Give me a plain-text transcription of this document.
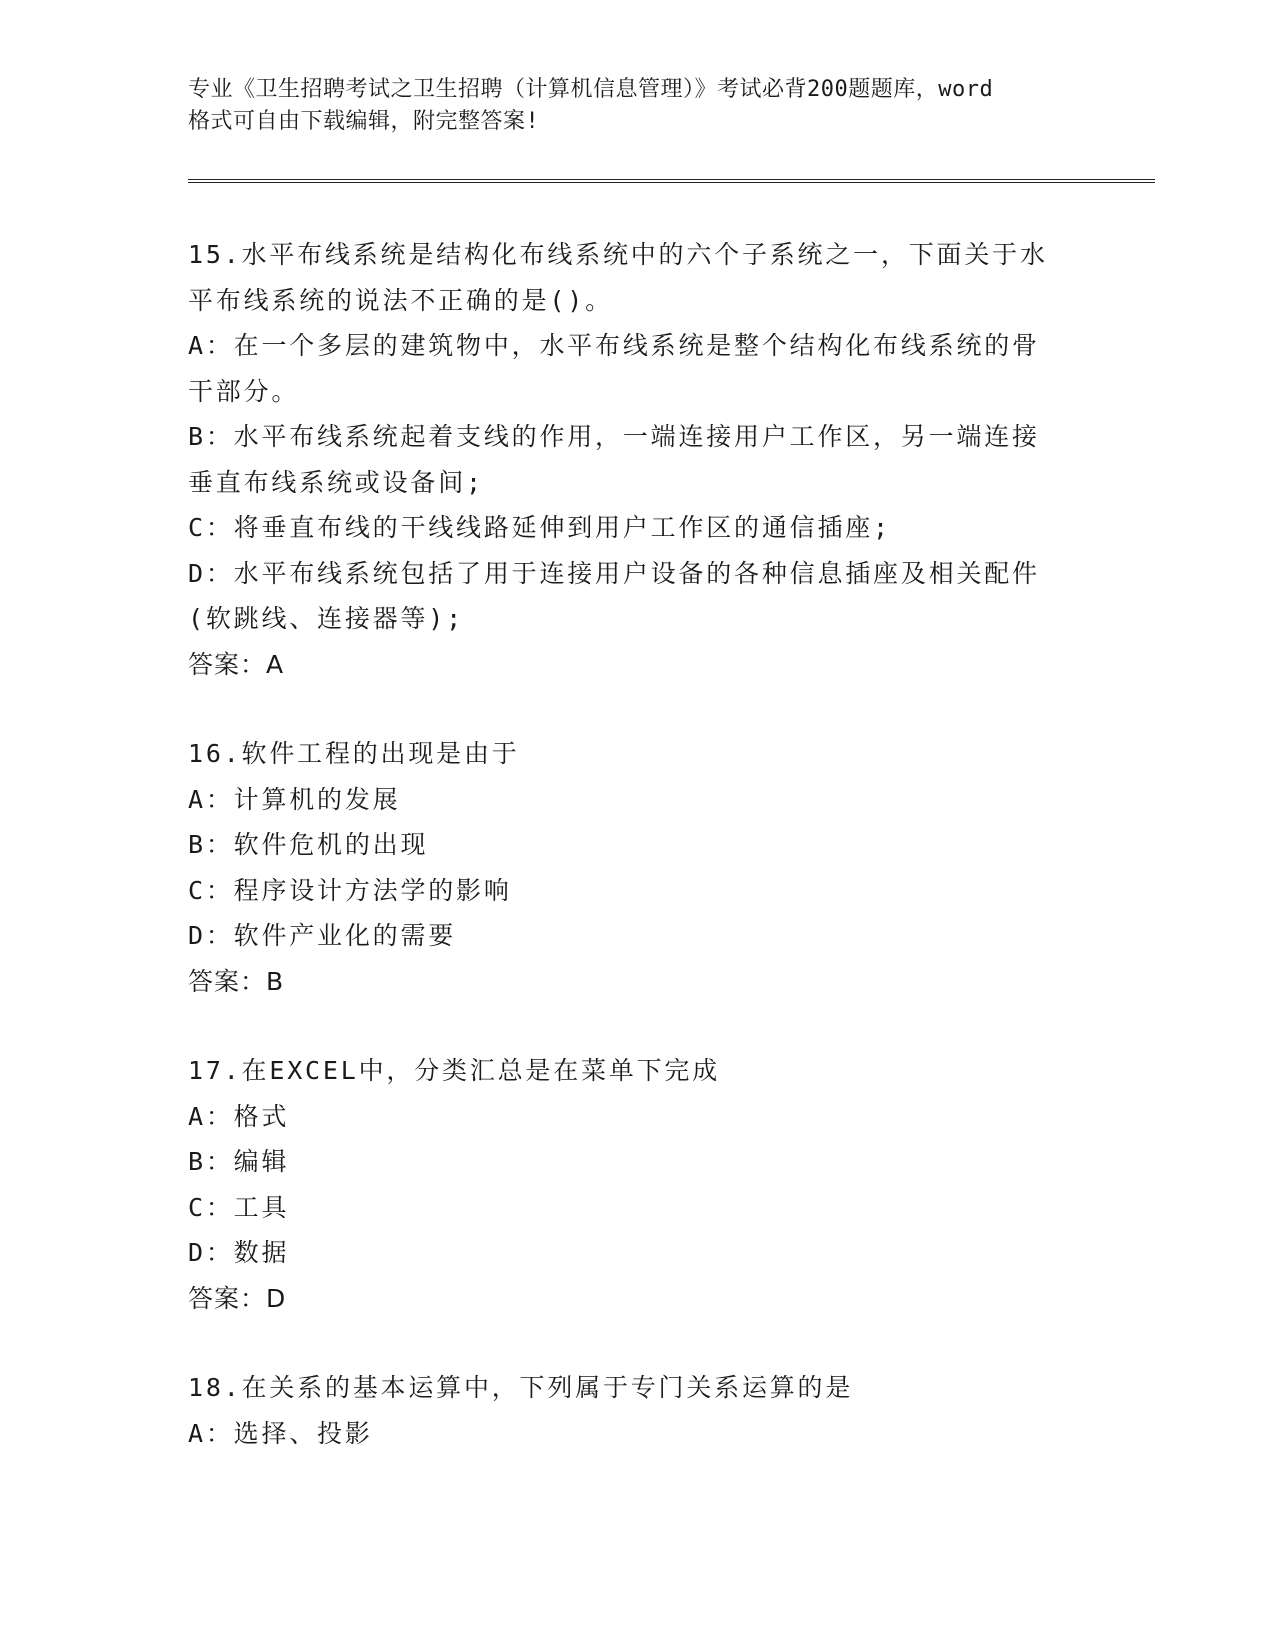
专业《卫生招聘考试之卫生招聘（计算机信息管理）》考试必背200题题库，word
格式可自由下载编辑，附完整答案!
15.水平布线系统是结构化布线系统中的六个子系统之一，下面关于水
平布线系统的说法不正确的是()。
A：在一个多层的建筑物中，水平布线系统是整个结构化布线系统的骨
干部分。
B：水平布线系统起着支线的作用，一端连接用户工作区，另一端连接
垂直布线系统或设备间;
C：将垂直布线的干线线路延伸到用户工作区的通信插座;
D：水平布线系统包括了用于连接用户设备的各种信息插座及相关配件
(软跳线、连接器等);
答案：A
16.软件工程的出现是由于
A：计算机的发展
B：软件危机的出现
C：程序设计方法学的影响
D：软件产业化的需要
答案：B
17.在EXCEL中，分类汇总是在菜单下完成
A：格式
B：编辑
C：工具
D：数据
答案：D
18.在关系的基本运算中，下列属于专门关系运算的是
A：选择、投影
